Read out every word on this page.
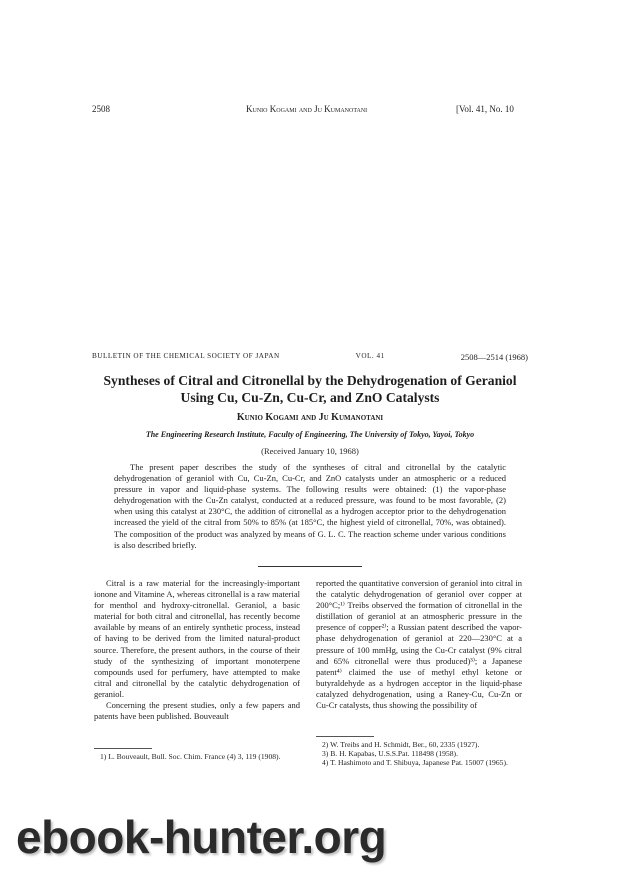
2508	Kunio Kogami and Ju Kumanotani	[Vol. 41, No. 10
BULLETIN OF THE CHEMICAL SOCIETY OF JAPAN	VOL. 41	2508—2514 (1968)
Syntheses of Citral and Citronellal by the Dehydrogenation of Geraniol
Using Cu, Cu-Zn, Cu-Cr, and ZnO Catalysts
Kunio Kogami and Ju Kumanotani
The Engineering Research Institute, Faculty of Engineering, The University of Tokyo, Yayoi, Tokyo
(Received January 10, 1968)

The present paper describes the study of the syntheses of citral and citronellal by the catalytic dehydrogenation of geraniol with Cu, Cu-Zn, Cu-Cr, and ZnO catalysts under an atmospheric or a reduced pressure in vapor and liquid-phase systems. The following results were obtained: (1) the vapor-phase dehydrogenation with the Cu-Zn catalyst, conducted at a reduced pressure, was found to be most favorable, (2) when using this catalyst at 230°C, the addition of citronellal as a hydrogen acceptor prior to the dehydrogenation increased the yield of the citral from 50% to 85% (at 185°C, the highest yield of citronellal, 70%, was obtained). The composition of the product was analyzed by means of G. L. C. The reaction scheme under various conditions is also described briefly.

Citral is a raw material for the increasingly-important ionone and Vitamine A, whereas citronellal is a raw material for menthol and hydroxy-citronellal. Geraniol, a basic material for both citral and citronellal, has recently become available by means of an entirely synthetic process, instead of having to be derived from the limited natural-product source. Therefore, the present authors, in the course of their study of the synthesizing of important monoterpene compounds used for perfumery, have attempted to make citral and citronellal by the catalytic dehydrogenation of geraniol.

Concerning the present studies, only a few papers and patents have been published. Bouveault

reported the quantitative conversion of geraniol into citral in the catalytic dehydrogenation of geraniol over copper at 200°C;¹⁾ Treibs observed the formation of citronellal in the distillation of geraniol at an atmospheric pressure in the presence of copper²⁾; a Russian patent described the vapor-phase dehydrogenation of geraniol at 220—230°C at a pressure of 100 mmHg, using the Cu-Cr catalyst (9% citral and 65% citronellal were thus produced)³⁾; a Japanese patent⁴⁾ claimed the use of methyl ethyl ketone or butyraldehyde as a hydrogen acceptor in the liquid-phase catalyzed dehydrogenation, using a Raney-Cu, Cu-Zn or Cu-Cr catalysts, thus showing the possibility of

1) L. Bouveault, Bull. Soc. Chim. France (4) 3, 119 (1908).
2) W. Treibs and H. Schmidt, Ber., 60, 2335 (1927).
3) B. H. Kapabas, U.S.S.Pat. 118498 (1958).
4) T. Hashimoto and T. Shibuya, Japanese Pat. 15007 (1965).
ebook-hunter.org
